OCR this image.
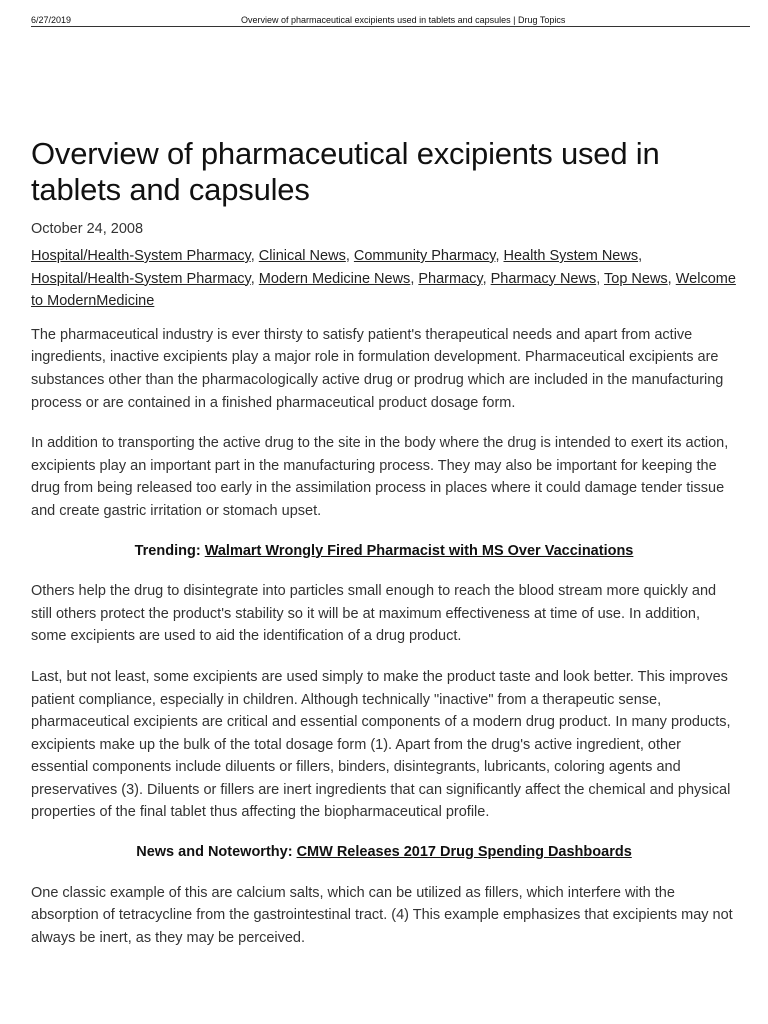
6/27/2019	Overview of pharmaceutical excipients used in tablets and capsules | Drug Topics
Overview of pharmaceutical excipients used in tablets and capsules
October 24, 2008
Hospital/Health-System Pharmacy, Clinical News, Community Pharmacy, Health System News, Hospital/Health-System Pharmacy, Modern Medicine News, Pharmacy, Pharmacy News, Top News, Welcome to ModernMedicine

The pharmaceutical industry is ever thirsty to satisfy patient's therapeutical needs and apart from active ingredients, inactive excipients play a major role in formulation development. Pharmaceutical excipients are substances other than the pharmacologically active drug or prodrug which are included in the manufacturing process or are contained in a finished pharmaceutical product dosage form.

In addition to transporting the active drug to the site in the body where the drug is intended to exert its action, excipients play an important part in the manufacturing process. They may also be important for keeping the drug from being released too early in the assimilation process in places where it could damage tender tissue and create gastric irritation or stomach upset.

Trending: Walmart Wrongly Fired Pharmacist with MS Over Vaccinations

Others help the drug to disintegrate into particles small enough to reach the blood stream more quickly and still others protect the product's stability so it will be at maximum effectiveness at time of use. In addition, some excipients are used to aid the identification of a drug product.

Last, but not least, some excipients are used simply to make the product taste and look better. This improves patient compliance, especially in children. Although technically "inactive" from a therapeutic sense, pharmaceutical excipients are critical and essential components of a modern drug product. In many products, excipients make up the bulk of the total dosage form (1). Apart from the drug's active ingredient, other essential components include diluents or fillers, binders, disintegrants, lubricants, coloring agents and preservatives (3). Diluents or fillers are inert ingredients that can significantly affect the chemical and physical properties of the final tablet thus affecting the biopharmaceutical profile.

News and Noteworthy: CMW Releases 2017 Drug Spending Dashboards

One classic example of this are calcium salts, which can be utilized as fillers, which interfere with the absorption of tetracycline from the gastrointestinal tract. (4) This example emphasizes that excipients may not always be inert, as they may be perceived.
